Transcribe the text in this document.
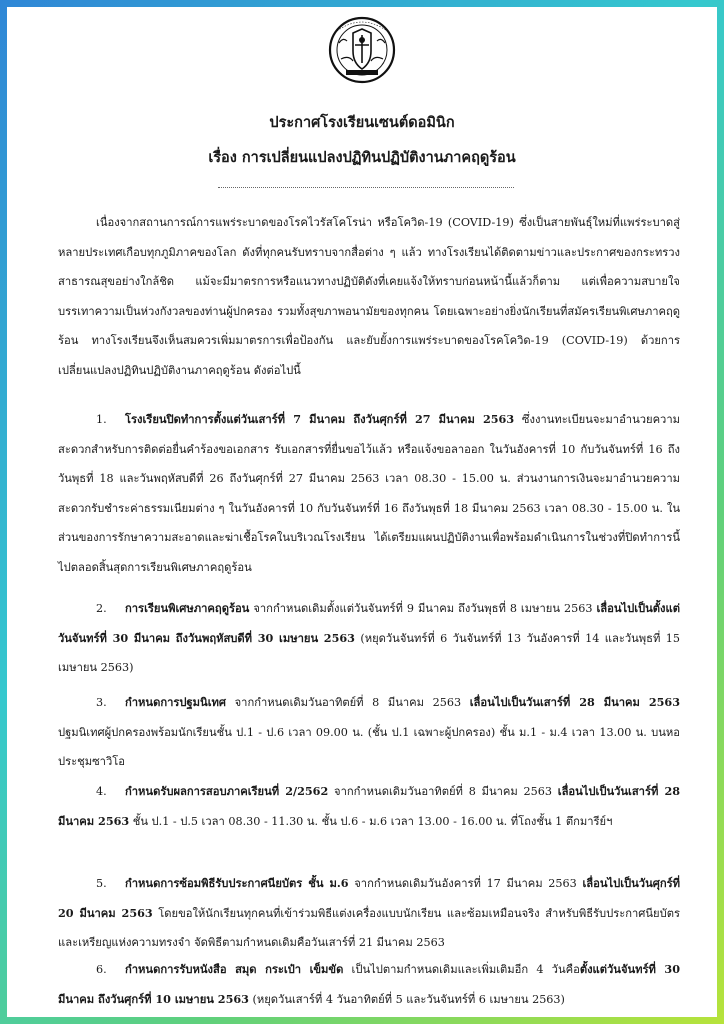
ประกาศโรงเรียนเซนต์ดอมินิก
เรื่อง การเปลี่ยนแปลงปฏิทินปฏิบัติงานภาคฤดูร้อน

เนื่องจากสถานการณ์การแพร่ระบาดของโรคไวรัสโคโรน่า หรือโควิด-19 (COVID-19) ซึ่งเป็นสายพันธุ์ใหม่ที่แพร่ระบาดสู่หลายประเทศเกือบทุกภูมิภาคของโลก ดังที่ทุกคนรับทราบจากสื่อต่าง ๆ แล้ว ทางโรงเรียนได้ติดตามข่าวและประกาศของกระทรวงสาธารณสุขอย่างใกล้ชิด แม้จะมีมาตรการหรือแนวทางปฏิบัติดังที่เคยแจ้งให้ทราบก่อนหน้านี้แล้วก็ตาม แต่เพื่อความสบายใจ บรรเทาความเป็นห่วงกังวลของท่านผู้ปกครอง รวมทั้งสุขภาพอนามัยของทุกคน โดยเฉพาะอย่างยิ่งนักเรียนที่สมัครเรียนพิเศษภาคฤดูร้อน ทางโรงเรียนจึงเห็นสมควรเพิ่มมาตรการเพื่อป้องกัน และยับยั้งการแพร่ระบาดของโรคโควิด-19 (COVID-19) ด้วยการเปลี่ยนแปลงปฏิทินปฏิบัติงานภาคฤดูร้อน ดังต่อไปนี้

1. โรงเรียนปิดทำการตั้งแต่วันเสาร์ที่ 7 มีนาคม ถึงวันศุกร์ที่ 27 มีนาคม 2563 ซึ่งงานทะเบียนจะมาอำนวยความสะดวกสำหรับการติดต่อยื่นคำร้องขอเอกสาร รับเอกสารที่ยื่นขอไว้แล้ว หรือแจ้งขอลาออก ในวันอังคารที่ 10 กับวันจันทร์ที่ 16 ถึงวันพุธที่ 18 และวันพฤหัสบดีที่ 26 ถึงวันศุกร์ที่ 27 มีนาคม 2563 เวลา 08.30 - 15.00 น. ส่วนงานการเงินจะมาอำนวยความสะดวกรับชำระค่าธรรมเนียมต่าง ๆ ในวันอังคารที่ 10 กับวันจันทร์ที่ 16 ถึงวันพุธที่ 18 มีนาคม 2563 เวลา 08.30 - 15.00 น. ในส่วนของการรักษาความสะอาดและฆ่าเชื้อโรคในบริเวณโรงเรียน ได้เตรียมแผนปฏิบัติงานเพื่อพร้อมดำเนินการในช่วงที่ปิดทำการนี้ ไปตลอดสิ้นสุดการเรียนพิเศษภาคฤดูร้อน

2. การเรียนพิเศษภาคฤดูร้อน จากกำหนดเดิมตั้งแต่วันจันทร์ที่ 9 มีนาคม ถึงวันพุธที่ 8 เมษายน 2563 เลื่อนไปเป็นตั้งแต่วันจันทร์ที่ 30 มีนาคม ถึงวันพฤหัสบดีที่ 30 เมษายน 2563 (หยุดวันจันทร์ที่ 6 วันจันทร์ที่ 13 วันอังคารที่ 14 และวันพุธที่ 15 เมษายน 2563)

3. กำหนดการปฐมนิเทศ จากกำหนดเดิมวันอาทิตย์ที่ 8 มีนาคม 2563 เลื่อนไปเป็นวันเสาร์ที่ 28 มีนาคม 2563 ปฐมนิเทศผู้ปกครองพร้อมนักเรียนชั้น ป.1 - ป.6 เวลา 09.00 น. (ชั้น ป.1 เฉพาะผู้ปกครอง) ชั้น ม.1 - ม.4 เวลา 13.00 น. บนหอประชุมซาวิโอ

4. กำหนดรับผลการสอบภาคเรียนที่ 2/2562 จากกำหนดเดิมวันอาทิตย์ที่ 8 มีนาคม 2563 เลื่อนไปเป็นวันเสาร์ที่ 28 มีนาคม 2563 ชั้น ป.1 - ป.5 เวลา 08.30 - 11.30 น. ชั้น ป.6 - ม.6 เวลา 13.00 - 16.00 น. ที่โถงชั้น 1 ตึกมารีย์ฯ

5. กำหนดการซ้อมพิธีรับประกาศนียบัตร ชั้น ม.6 จากกำหนดเดิมวันอังคารที่ 17 มีนาคม 2563 เลื่อนไปเป็นวันศุกร์ที่ 20 มีนาคม 2563 โดยขอให้นักเรียนทุกคนที่เข้าร่วมพิธีแต่งเครื่องแบบนักเรียน และซ้อมเหมือนจริง สำหรับพิธีรับประกาศนียบัตรและเหรียญแห่งความทรงจำ จัดพิธีตามกำหนดเดิมคือวันเสาร์ที่ 21 มีนาคม 2563

6. กำหนดการรับหนังสือ สมุด กระเป๋า เข็มขัด เป็นไปตามกำหนดเดิมและเพิ่มเติมอีก 4 วันคือตั้งแต่วันจันทร์ที่ 30 มีนาคม ถึงวันศุกร์ที่ 10 เมษายน 2563 (หยุดวันเสาร์ที่ 4 วันอาทิตย์ที่ 5 และวันจันทร์ที่ 6 เมษายน 2563)
